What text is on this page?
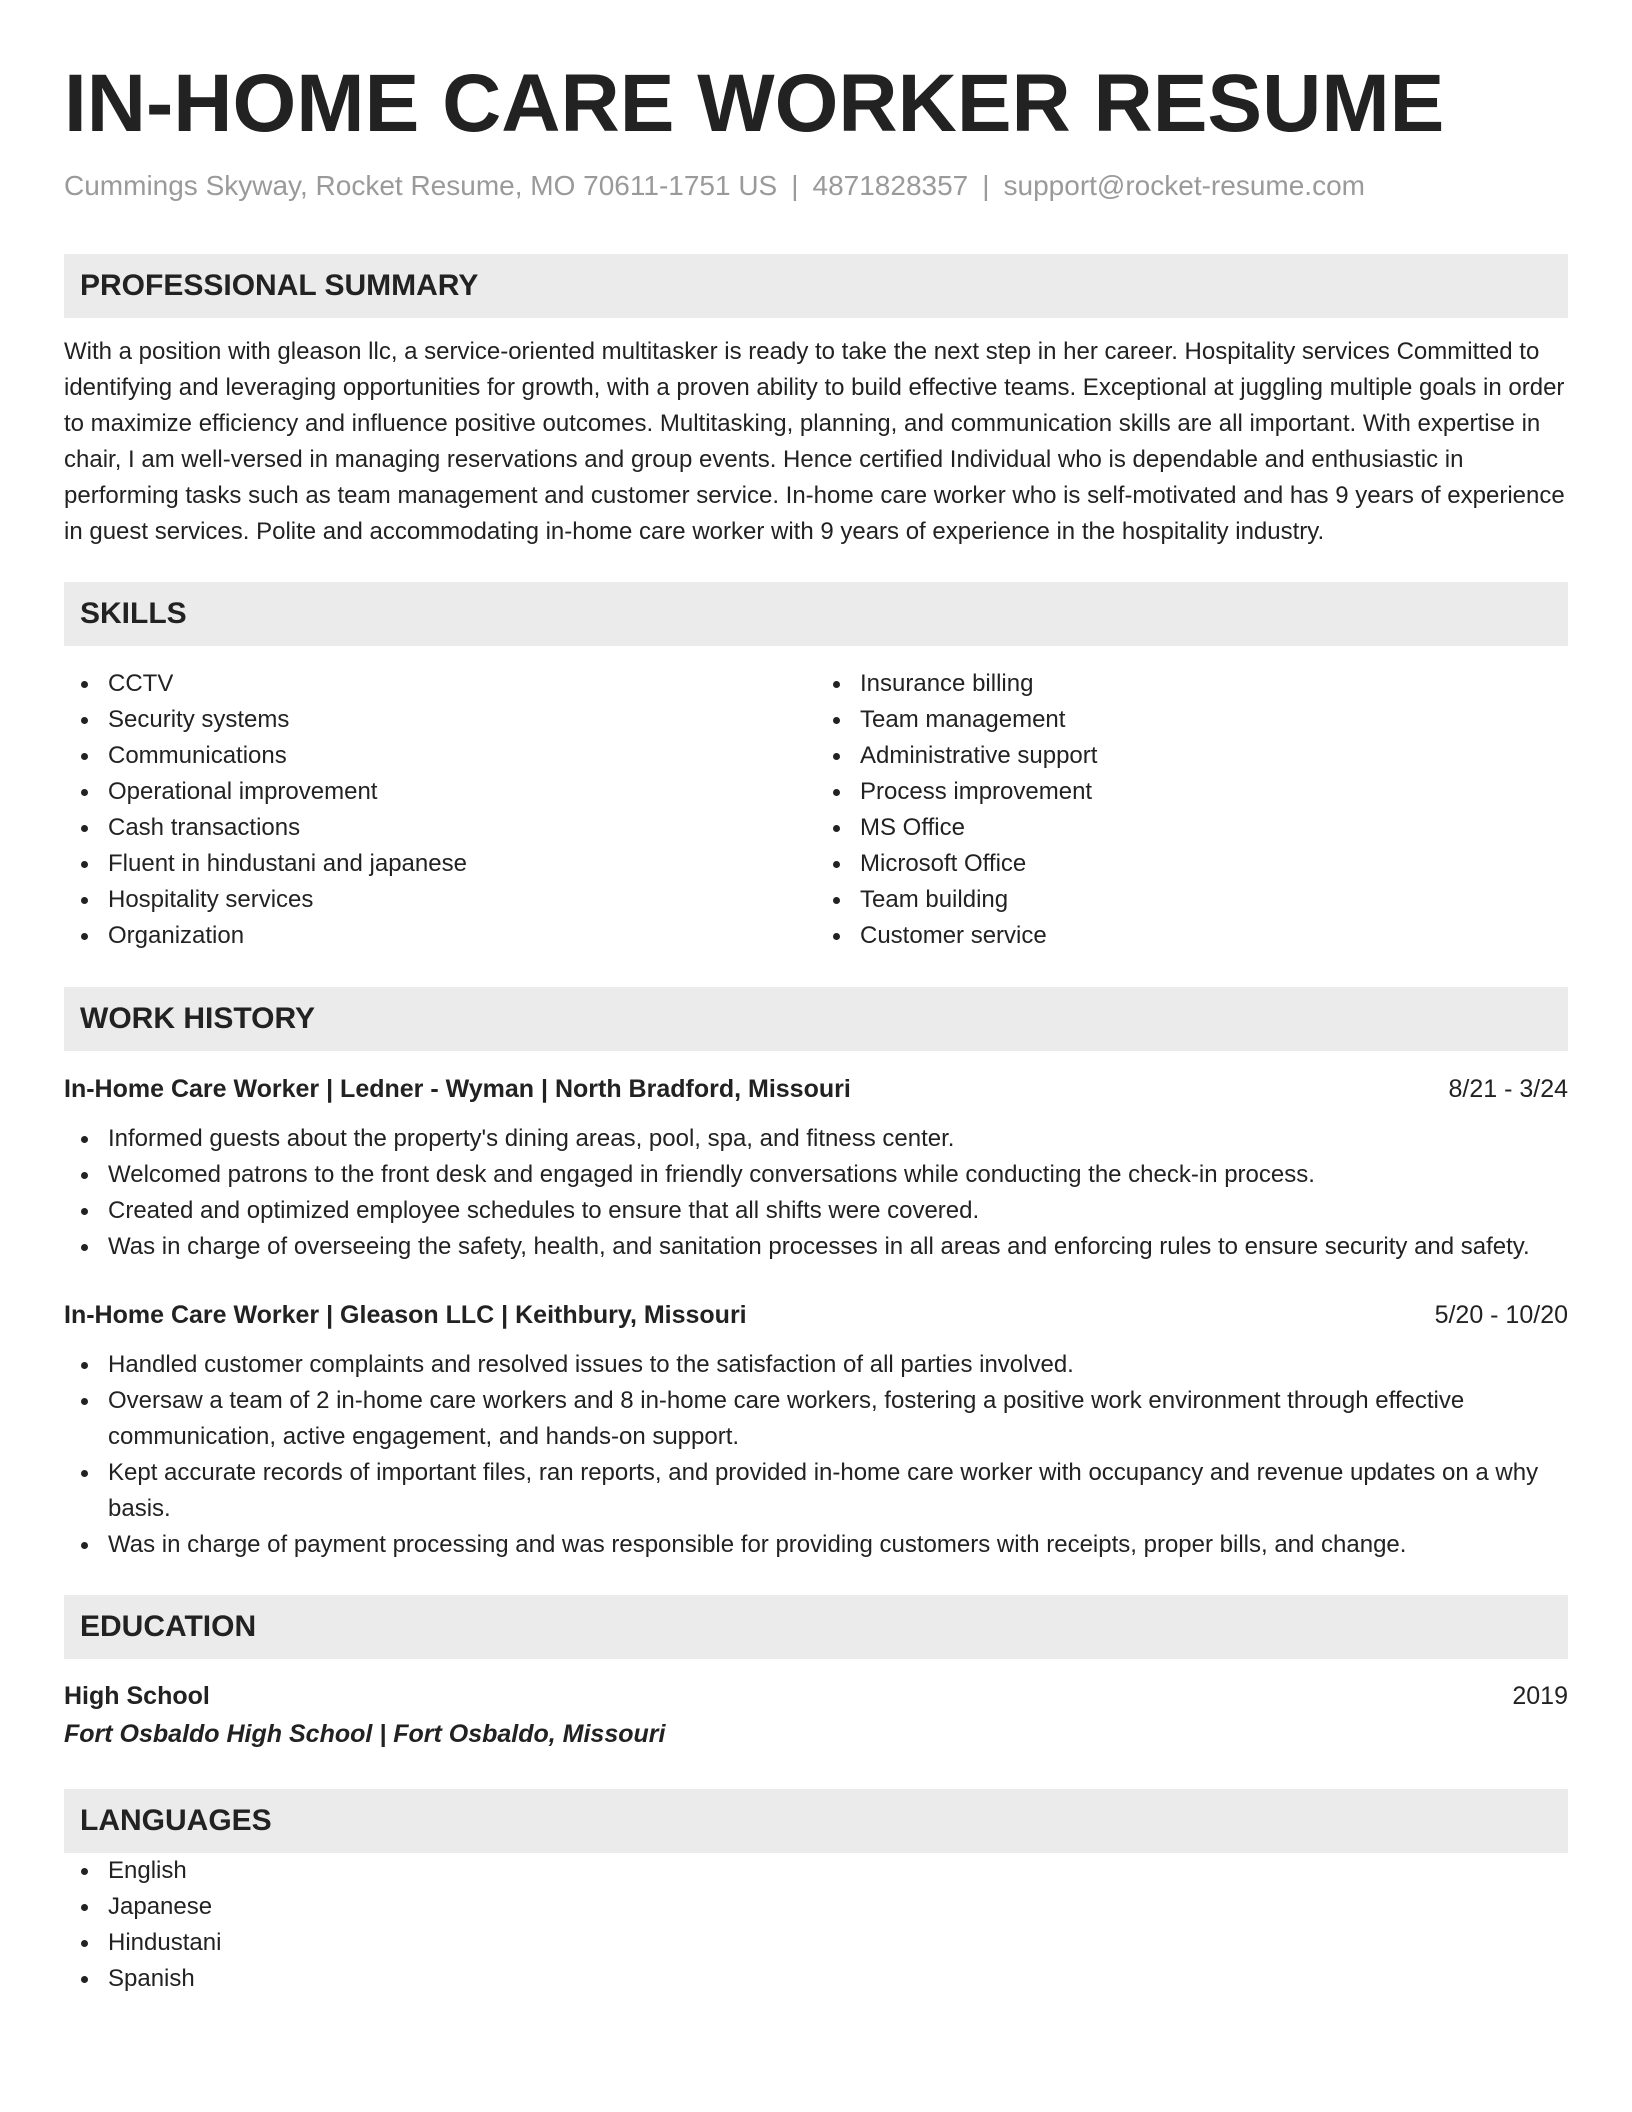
IN-HOME CARE WORKER RESUME
Cummings Skyway, Rocket Resume, MO 70611-1751 US | 4871828357 | support@rocket-resume.com
PROFESSIONAL SUMMARY
With a position with gleason llc, a service-oriented multitasker is ready to take the next step in her career. Hospitality services Committed to identifying and leveraging opportunities for growth, with a proven ability to build effective teams. Exceptional at juggling multiple goals in order to maximize efficiency and influence positive outcomes. Multitasking, planning, and communication skills are all important. With expertise in chair, I am well-versed in managing reservations and group events. Hence certified Individual who is dependable and enthusiastic in performing tasks such as team management and customer service. In-home care worker who is self-motivated and has 9 years of experience in guest services. Polite and accommodating in-home care worker with 9 years of experience in the hospitality industry.
SKILLS
CCTV
Security systems
Communications
Operational improvement
Cash transactions
Fluent in hindustani and japanese
Hospitality services
Organization
Insurance billing
Team management
Administrative support
Process improvement
MS Office
Microsoft Office
Team building
Customer service
WORK HISTORY
In-Home Care Worker | Ledner - Wyman | North Bradford, Missouri	8/21 - 3/24
Informed guests about the property's dining areas, pool, spa, and fitness center.
Welcomed patrons to the front desk and engaged in friendly conversations while conducting the check-in process.
Created and optimized employee schedules to ensure that all shifts were covered.
Was in charge of overseeing the safety, health, and sanitation processes in all areas and enforcing rules to ensure security and safety.
In-Home Care Worker | Gleason LLC | Keithbury, Missouri	5/20 - 10/20
Handled customer complaints and resolved issues to the satisfaction of all parties involved.
Oversaw a team of 2 in-home care workers and 8 in-home care workers, fostering a positive work environment through effective communication, active engagement, and hands-on support.
Kept accurate records of important files, ran reports, and provided in-home care worker with occupancy and revenue updates on a why basis.
Was in charge of payment processing and was responsible for providing customers with receipts, proper bills, and change.
EDUCATION
High School	2019
Fort Osbaldo High School | Fort Osbaldo, Missouri
LANGUAGES
English
Japanese
Hindustani
Spanish
